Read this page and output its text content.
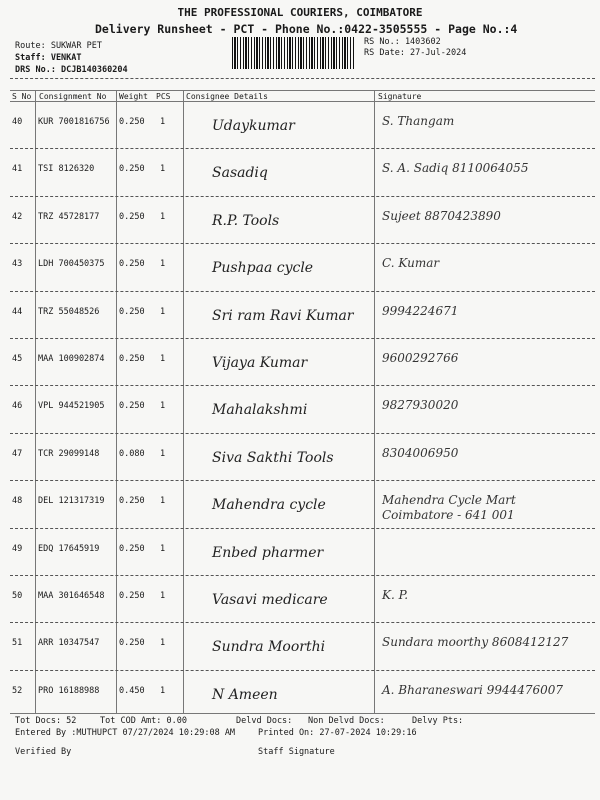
THE PROFESSIONAL COURIERS, COIMBATORE
Delivery Runsheet - PCT - Phone No.:0422-3505555 - Page No.:4
Route: SUKWAR PET
Staff: VENKAT
DRS No.: DCJB140360204
RS No.: 1403602
RS Date: 27-Jul-2024
S No Consignment No Weight PCS Consignee Details	Signature
40 KUR 7001816756 0.250 1	Udaykumar	S. Thangam
41 TSI 8126320	0.250 1	Sasadiq	S. A. Sadiq 8110064055
42 TRZ 45728177 0.250 1	R.P. Tools	Sujeet 8870423890
43 LDH 700450375 0.250 1	Pushpaa cycle	C. Kumar
44 TRZ 55048526 0.250 1	Sri ram Ravi Kumar 9994224671
45 MAA 100902874 0.250 1	Vijaya Kumar	9600292766
46 VPL 944521905 0.250 1	Mahalakshmi	9827930020
47 TCR 29099148 0.080 1	Siva Sakthi Tools	8304006950
48 DEL 121317319 0.250 1	Mahendra cycle	Mahendra Cycle Mart Coimbatore - 641 001
49 EDQ 17645919 0.250 1	Enbed pharmer
50 MAA 301646548 0.250 1	Vasavi medicare	K. P.
51 ARR 10347547 0.250 1	Sundra Moorthi	Sundara moorthy 8608412127
52 PRO 16188988 0.450 1	N Ameen	A. Bharaneswari 9944476007
Tot Docs: 52	Tot COD Amt: 0.00	Delvd Docs: Non Delvd Docs:	Delvy Pts:
Entered By :MUTHUPCT 07/27/2024 10:29:08 AM	Printed On: 27-07-2024 10:29:16
Verified By	Staff Signature
